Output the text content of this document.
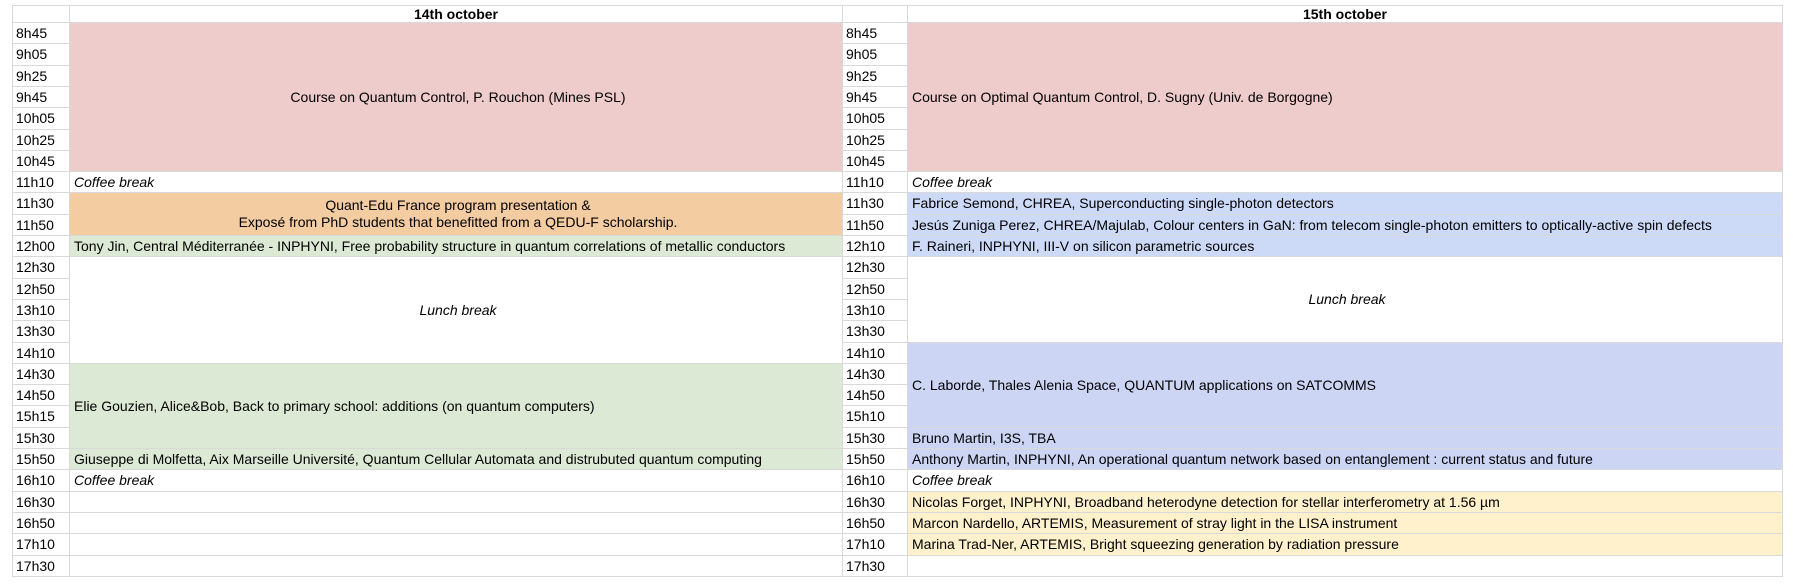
14th october	15th october
8h45
9h05
9h25
9h45
10h05
10h25
10h45
11h10
11h30
11h50
12h00
12h30
12h50
13h10
13h30
14h10
14h30
14h50
15h15
15h30
15h50
16h10
16h30
16h50
17h10
17h30
Course on Quantum Control, P. Rouchon (Mines PSL)
Coffee break
Quant-Edu France program presentation &
Exposé from PhD students that benefitted from a QEDU-F scholarship.
Tony Jin, Central Méditerranée - INPHYNI, Free probability structure in quantum correlations of metallic conductors
Lunch break
Elie Gouzien, Alice&Bob, Back to primary school: additions (on quantum computers)
Giuseppe di Molfetta, Aix Marseille Université, Quantum Cellular Automata and distrubuted quantum computing
Coffee break
8h45
9h05
9h25
9h45
10h05
10h25
10h45
11h10
11h30
11h50
12h10
12h30
12h50
13h10
13h30
14h10
14h30
14h50
15h10
15h30
15h50
16h10
16h30
16h50
17h10
17h30
Course on Optimal Quantum Control, D. Sugny (Univ. de Borgogne)
Coffee break
Fabrice Semond, CHREA, Superconducting single-photon detectors
Jesús Zuniga Perez, CHREA/Majulab, Colour centers in GaN: from telecom single-photon emitters to optically-active spin defects
F. Raineri, INPHYNI, III-V on silicon parametric sources
Lunch break
C. Laborde, Thales Alenia Space, QUANTUM applications on SATCOMMS
Bruno Martin, I3S, TBA
Anthony Martin, INPHYNI, An operational quantum network based on entanglement : current status and future
Coffee break
Nicolas Forget, INPHYNI, Broadband heterodyne detection for stellar interferometry at 1.56 µm
Marcon Nardello, ARTEMIS, Measurement of stray light in the LISA instrument
Marina Trad-Ner, ARTEMIS, Bright squeezing generation by radiation pressure
